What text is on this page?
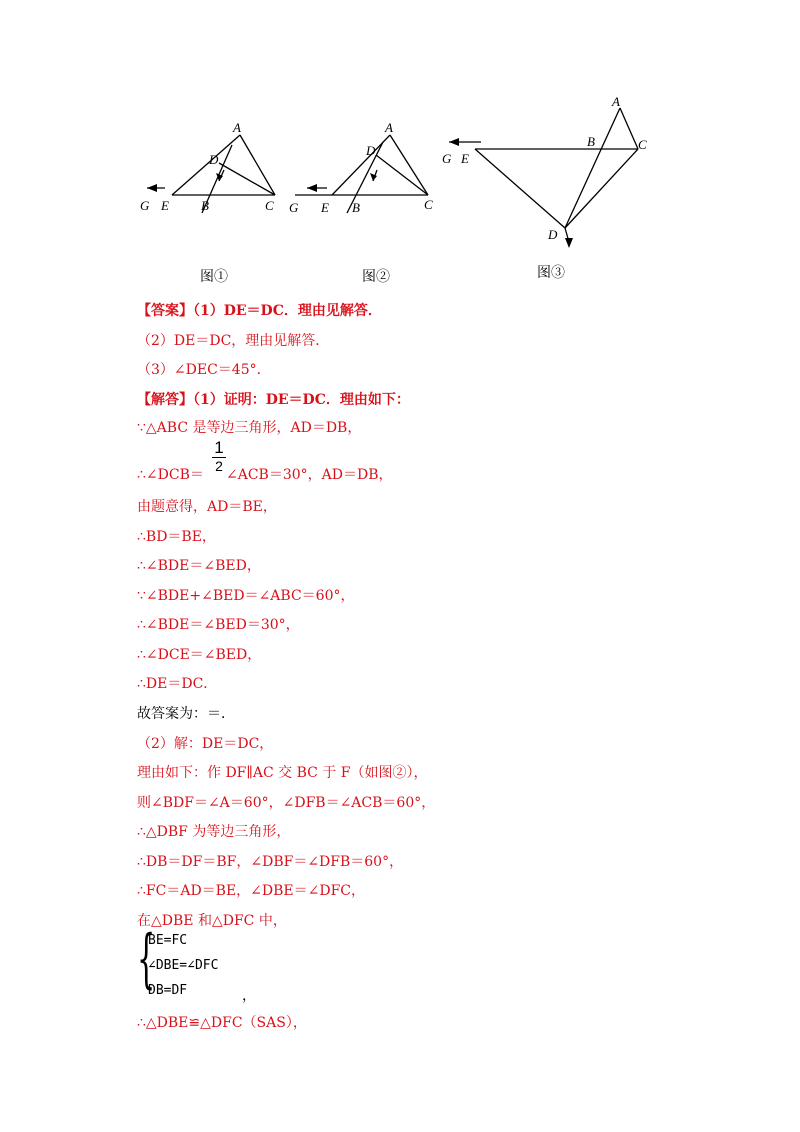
A
D
G E B	C
图①
A
D
G E B	C
图②
A
B	C
G E
D
图③
【答案】（1）DE＝DC．理由见解答．
（2）DE＝DC，理由见解答．
（3）∠DEC＝45°．
【解答】（1）证明：DE＝DC．理由如下：
∵△ABC 是等边三角形，AD＝DB，
∴∠DCB＝
1
2
∠ACB＝30°，AD＝DB，
由题意得，AD＝BE，
∴BD＝BE，
∴∠BDE＝∠BED，
∵∠BDE+∠BED＝∠ABC＝60°，
∴∠BDE＝∠BED＝30°，
∴∠DCE＝∠BED，
∴DE＝DC．
故答案为：＝．
（2）解：DE＝DC，
理由如下：作 DF∥AC 交 BC 于 F（如图②），
则∠BDF＝∠A＝60°，∠DFB＝∠ACB＝60°，
∴△DBF 为等边三角形，
∴DB＝DF＝BF，∠DBF＝∠DFB＝60°，
∴FC＝AD＝BE，∠DBE＝∠DFC，
在△DBE 和△DFC 中，
{
BE=FC
∠DBE=∠DFC
DB=DF	，
∴△DBE≌△DFC（SAS），
